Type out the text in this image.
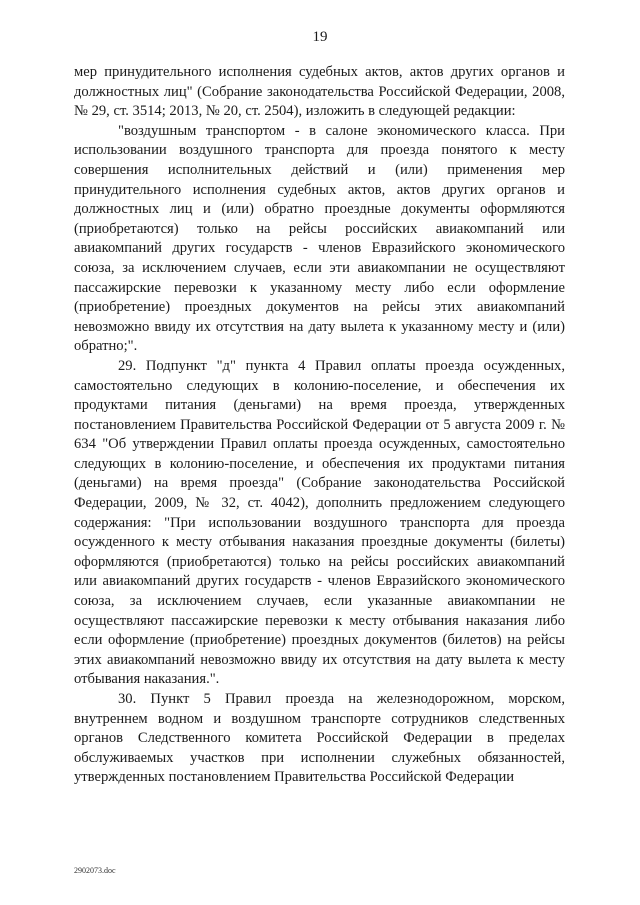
19

мер принудительного исполнения судебных актов, актов других органов и должностных лиц" (Собрание законодательства Российской Федерации, 2008, № 29, ст. 3514; 2013, № 20, ст. 2504), изложить в следующей редакции:

"воздушным транспортом - в салоне экономического класса. При использовании воздушного транспорта для проезда понятого к месту совершения исполнительных действий и (или) применения мер принудительного исполнения судебных актов, актов других органов и должностных лиц и (или) обратно проездные документы оформляются (приобретаются) только на рейсы российских авиакомпаний или авиакомпаний других государств - членов Евразийского экономического союза, за исключением случаев, если эти авиакомпании не осуществляют пассажирские перевозки к указанному месту либо если оформление (приобретение) проездных документов на рейсы этих авиакомпаний невозможно ввиду их отсутствия на дату вылета к указанному месту и (или) обратно;".

29. Подпункт "д" пункта 4 Правил оплаты проезда осужденных, самостоятельно следующих в колонию-поселение, и обеспечения их продуктами питания (деньгами) на время проезда, утвержденных постановлением Правительства Российской Федерации от 5 августа 2009 г. № 634 "Об утверждении Правил оплаты проезда осужденных, самостоятельно следующих в колонию-поселение, и обеспечения их продуктами питания (деньгами) на время проезда" (Собрание законодательства Российской Федерации, 2009, № 32, ст. 4042), дополнить предложением следующего содержания: "При использовании воздушного транспорта для проезда осужденного к месту отбывания наказания проездные документы (билеты) оформляются (приобретаются) только на рейсы российских авиакомпаний или авиакомпаний других государств - членов Евразийского экономического союза, за исключением случаев, если указанные авиакомпании не осуществляют пассажирские перевозки к месту отбывания наказания либо если оформление (приобретение) проездных документов (билетов) на рейсы этих авиакомпаний невозможно ввиду их отсутствия на дату вылета к месту отбывания наказания.".

30. Пункт 5 Правил проезда на железнодорожном, морском, внутреннем водном и воздушном транспорте сотрудников следственных органов Следственного комитета Российской Федерации в пределах обслуживаемых участков при исполнении служебных обязанностей, утвержденных постановлением Правительства Российской Федерации

2902073.doc
